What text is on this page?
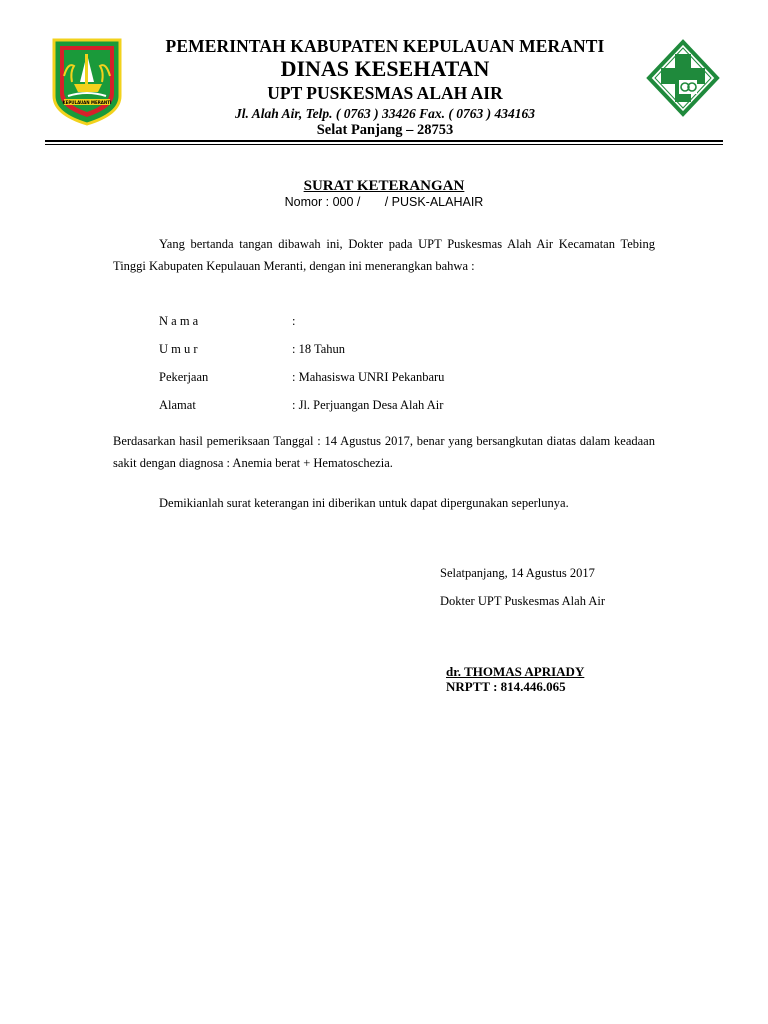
KEPULAUAN MERANTI
PEMERINTAH KABUPATEN KEPULAUAN MERANTI
DINAS KESEHATAN
UPT PUSKESMAS ALAH AIR
Jl. Alah Air, Telp. ( 0763 ) 33426 Fax. ( 0763 ) 434163
Selat Panjang – 28753
SURAT KETERANGAN
Nomor : 000 /       / PUSK-ALAHAIR
Yang bertanda tangan dibawah ini, Dokter pada UPT Puskesmas Alah Air Kecamatan Tebing Tinggi Kabupaten Kepulauan Meranti, dengan ini menerangkan bahwa :
N a m a	:
U m u r	: 18 Tahun
Pekerjaan	: Mahasiswa UNRI Pekanbaru
Alamat	: Jl. Perjuangan Desa Alah Air
Berdasarkan hasil pemeriksaan Tanggal : 14 Agustus 2017, benar yang bersangkutan diatas dalam keadaan sakit dengan diagnosa : Anemia berat + Hematoschezia.
Demikianlah surat keterangan ini diberikan untuk dapat dipergunakan seperlunya.
Selatpanjang, 14 Agustus 2017
Dokter UPT Puskesmas Alah Air
dr. THOMAS APRIADY
NRPTT : 814.446.065
